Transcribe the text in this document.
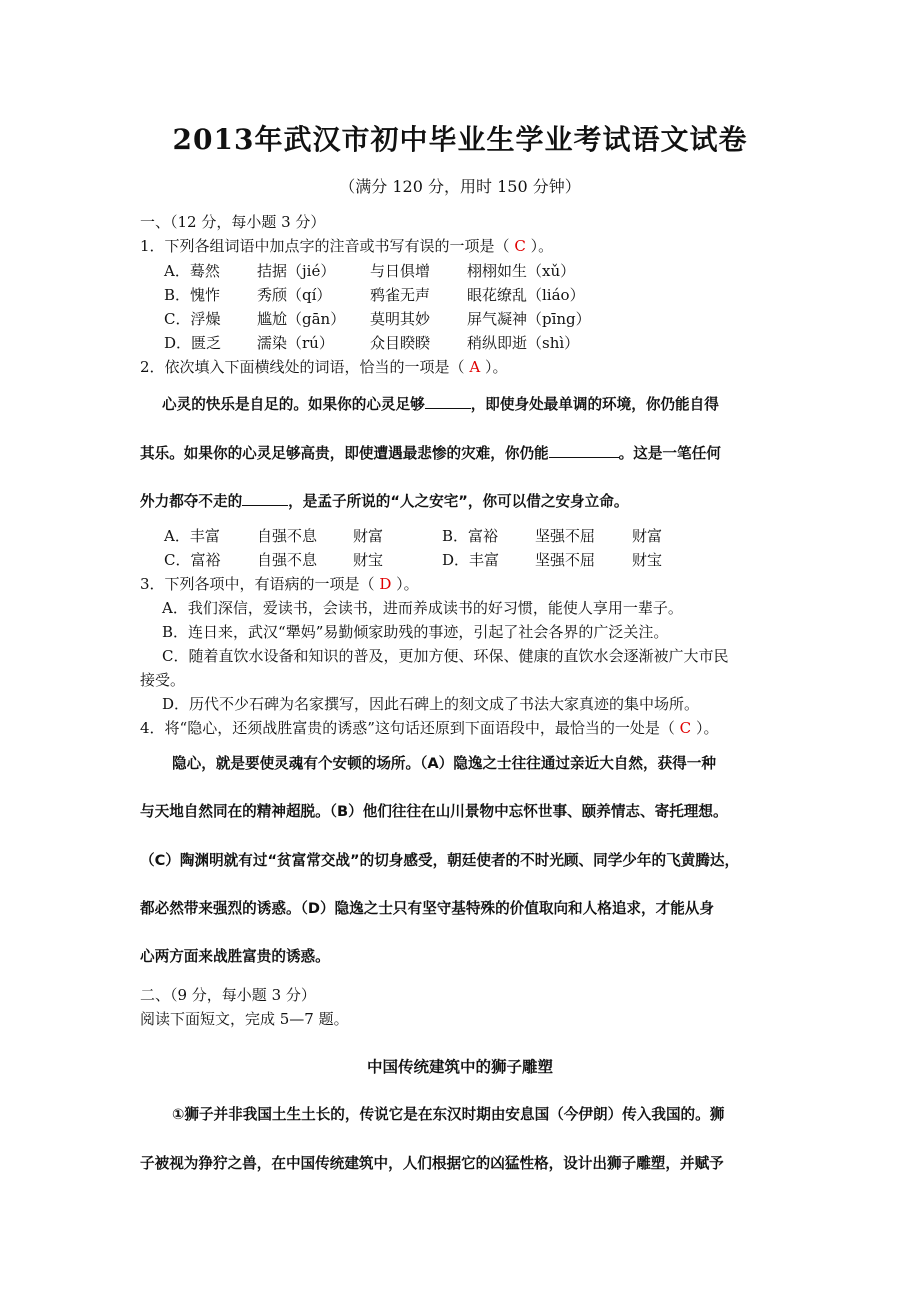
2013年武汉市初中毕业生学业考试语文试卷
（满分 120 分，用时 150 分钟）
一、（12 分，每小题 3 分）
1．下列各组词语中加点字的注音或书写有误的一项是（ C ）。
A．蓦然 拮据（jié） 与日俱增 栩栩如生（xǔ）
B．愧怍 秀颀（qí）	鸦雀无声 眼花缭乱（liáo）
C．浮燥 尴尬（gān） 莫明其妙 屏气凝神（pīng）
D．匮乏 濡染（rú） 众目睽睽 稍纵即逝（shì）
2．依次填入下面横线处的词语，恰当的一项是（ A ）。
心灵的快乐是自足的。如果你的心灵足够	，即使身处最单调的环境，你仍能自得
其乐。如果你的心灵足够高贵，即使遭遇最悲惨的灾难，你仍能	。这是一笔任何
外力都夺不走的	，是孟子所说的“人之安宅”，你可以借之安身立命。
A．丰富 自强不息 财富	B．富裕 坚强不屈 财富
C．富裕 自强不息 财宝	D．丰富 坚强不屈 财宝
3．下列各项中，有语病的一项是（ D ）。
A．我们深信，爱读书，会读书，进而养成读书的好习惯，能使人享用一辈子。
B．连日来，武汉“犟妈”易勤倾家助残的事迹，引起了社会各界的广泛关注。
C．随着直饮水设备和知识的普及，更加方便、环保、健康的直饮水会逐渐被广大市民
接受。
D．历代不少石碑为名家撰写，因此石碑上的刻文成了书法大家真迹的集中场所。
4．将“隐心，还须战胜富贵的诱惑”这句话还原到下面语段中，最恰当的一处是（ C ）。
隐心，就是要使灵魂有个安顿的场所。（A）隐逸之士往往通过亲近大自然，获得一种
与天地自然同在的精神超脱。（B）他们往往在山川景物中忘怀世事、颐养情志、寄托理想。
（C）陶渊明就有过“贫富常交战”的切身感受，朝廷使者的不时光顾、同学少年的飞黄腾达，
都必然带来强烈的诱惑。（D）隐逸之士只有坚守基特殊的价值取向和人格追求，才能从身
心两方面来战胜富贵的诱惑。
二、（9 分，每小题 3 分）
阅读下面短文，完成 5—7 题。
中国传统建筑中的狮子雕塑
①狮子并非我国土生土长的，传说它是在东汉时期由安息国（今伊朗）传入我国的。狮
子被视为狰狞之兽，在中国传统建筑中，人们根据它的凶猛性格，设计出狮子雕塑，并赋予
